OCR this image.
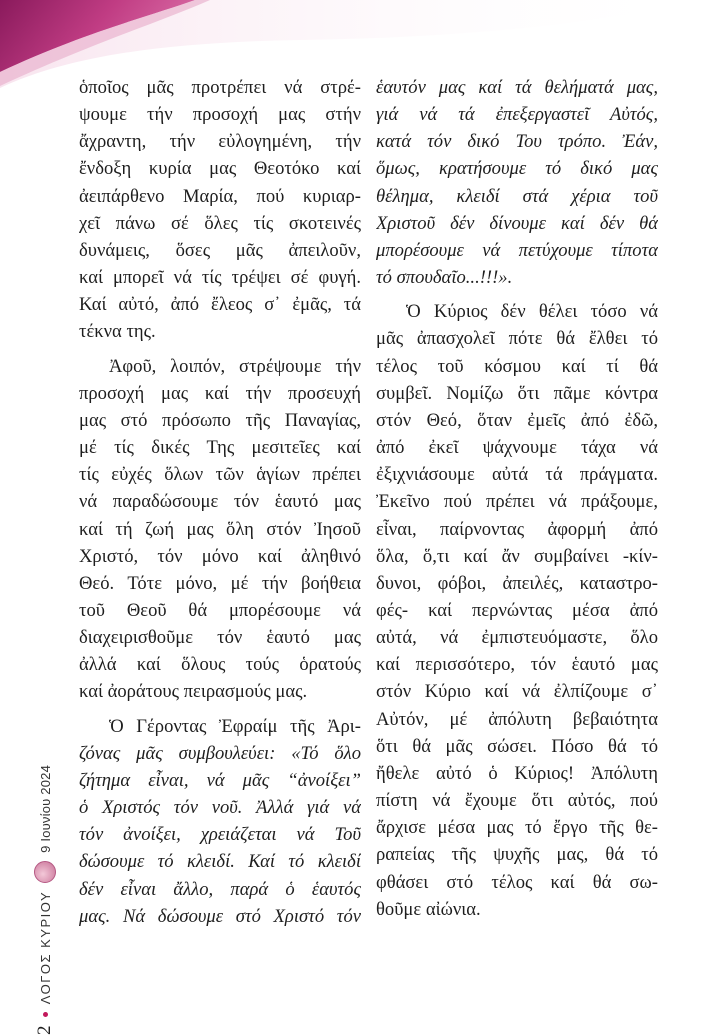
2
ΛΟΓΟΣ ΚΥΡΙΟΥ
9 Ιουνίου 2024
ὁποῖος μᾶς προτρέπει νά στρέ-
ψουμε τήν προσοχή μας στήν
ἄχραντη, τήν εὐλογημένη, τήν
ἔνδοξη κυρία μας Θεοτόκο καί
ἀειπάρθενο Μαρία, πού κυριαρ-
χεῖ πάνω σέ ὅλες τίς σκοτεινές
δυνάμεις, ὅσες μᾶς ἀπειλοῦν,
καί μπορεῖ νά τίς τρέψει σέ φυγή.
Καί αὐτό, ἀπό ἔλεος σ᾽ ἐμᾶς, τά
τέκνα της.
Ἀφοῦ, λοιπόν, στρέψουμε τήν
προσοχή μας καί τήν προσευχή
μας στό πρόσωπο τῆς Παναγίας,
μέ τίς δικές Της μεσιτεῖες καί
τίς εὐχές ὅλων τῶν ἁγίων πρέπει
νά παραδώσουμε τόν ἑαυτό μας
καί τή ζωή μας ὅλη στόν Ἰησοῦ
Χριστό, τόν μόνο καί ἀληθινό
Θεό. Τότε μόνο, μέ τήν βοήθεια
τοῦ Θεοῦ θά μπορέσουμε νά
διαχειρισθοῦμε τόν ἑαυτό μας
ἀλλά καί ὅλους τούς ὁρατούς
καί ἀοράτους πειρασμούς μας.
Ὁ Γέροντας Ἐφραίμ τῆς Ἀρι-
ζόνας μᾶς συμβουλεύει: «Τό ὅλο
ζήτημα εἶναι, νά μᾶς “ἀνοίξει”
ὁ Χριστός τόν νοῦ. Ἀλλά γιά νά
τόν ἀνοίξει, χρειάζεται νά Τοῦ
δώσουμε τό κλειδί. Καί τό κλειδί
δέν εἶναι ἄλλο, παρά ὁ ἑαυτός
μας. Νά δώσουμε στό Χριστό τόν
ἑαυτόν μας καί τά θελήματά μας,
γιά νά τά ἐπεξεργαστεῖ Αὐτός,
κατά τόν δικό Του τρόπο. Ἐάν,
ὅμως, κρατήσουμε τό δικό μας
θέλημα, κλειδί στά χέρια τοῦ
Χριστοῦ δέν δίνουμε καί δέν θά
μπορέσουμε νά πετύχουμε τίποτα
τό σπουδαῖο...!!!».
Ὁ Κύριος δέν θέλει τόσο νά
μᾶς ἀπασχολεῖ πότε θά ἔλθει τό
τέλος τοῦ κόσμου καί τί θά
συμβεῖ. Νομίζω ὅτι πᾶμε κόντρα
στόν Θεό, ὅταν ἐμεῖς ἀπό ἐδῶ,
ἀπό ἐκεῖ ψάχνουμε τάχα νά
ἐξιχνιάσουμε αὐτά τά πράγματα.
Ἐκεῖνο πού πρέπει νά πράξουμε,
εἶναι, παίρνοντας ἀφορμή ἀπό
ὅλα, ὅ,τι καί ἄν συμβαίνει -κίν-
δυνοι, φόβοι, ἀπειλές, καταστρο-
φές- καί περνώντας μέσα ἀπό
αὐτά, νά ἐμπιστευόμαστε, ὅλο
καί περισσότερο, τόν ἑαυτό μας
στόν Κύριο καί νά ἐλπίζουμε σ᾽
Αὐτόν, μέ ἀπόλυτη βεβαιότητα
ὅτι θά μᾶς σώσει. Πόσο θά τό
ἤθελε αὐτό ὁ Κύριος! Ἀπόλυτη
πίστη νά ἔχουμε ὅτι αὐτός, πού
ἄρχισε μέσα μας τό ἔργο τῆς θε-
ραπείας τῆς ψυχῆς μας, θά τό
φθάσει στό τέλος καί θά σω-
θοῦμε αἰώνια.
